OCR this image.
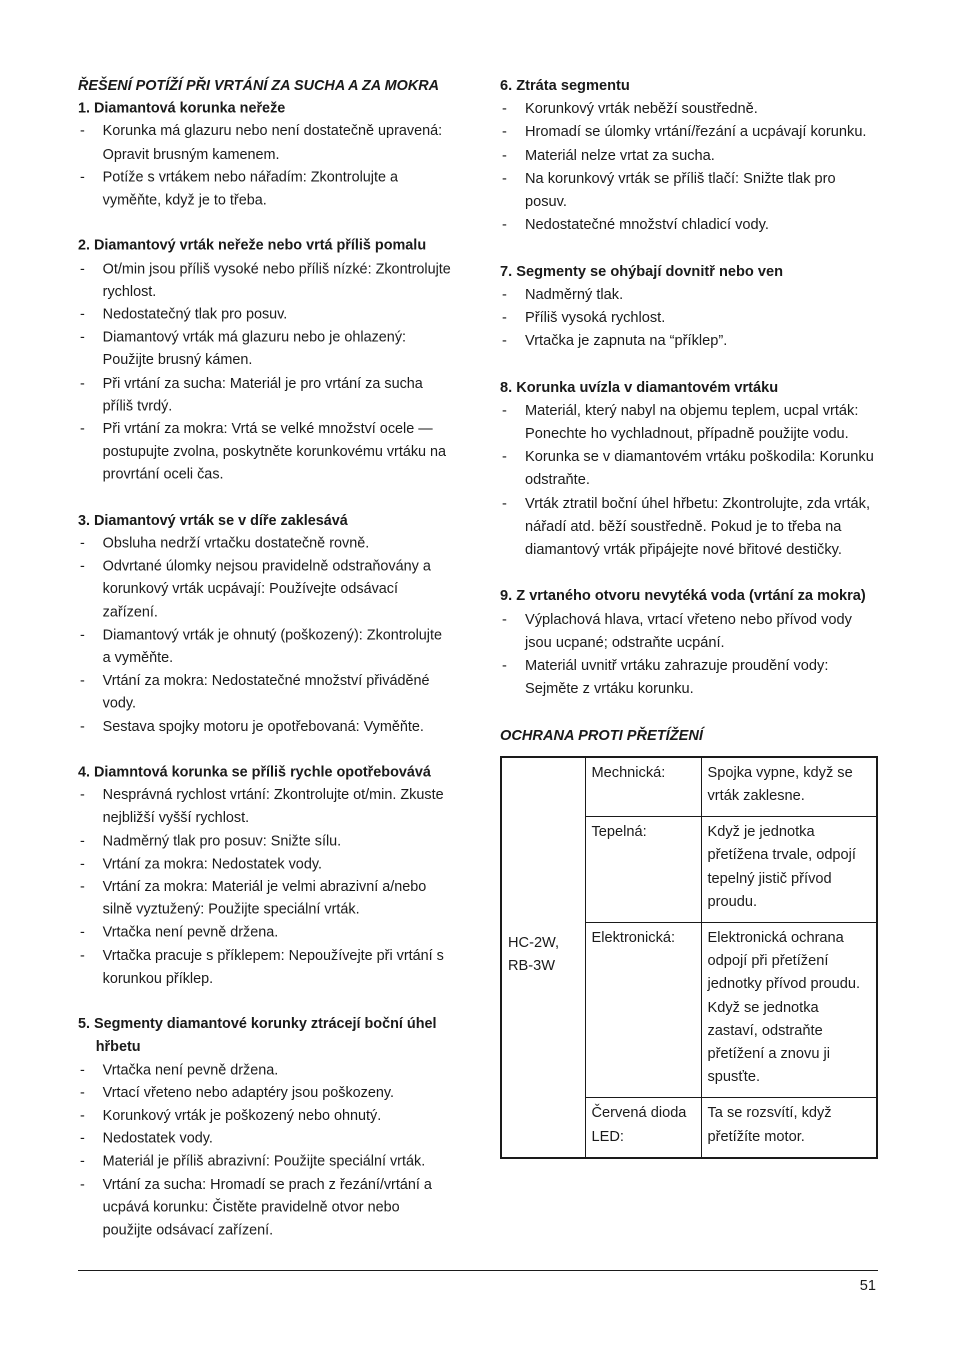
ŘEŠENÍ POTÍŽÍ PŘI VRTÁNÍ ZA SUCHA A ZA MOKRA
1. Diamantová korunka neřeže
- Korunka má glazuru nebo není dostatečně upravená: Opravit brusným kamenem.
- Potíže s vrtákem nebo nářadím: Zkontrolujte a vyměňte, když je to třeba.
2. Diamantový vrták neřeže nebo vrtá příliš pomalu
- Ot/min jsou příliš vysoké nebo příliš nízké: Zkontrolujte rychlost.
- Nedostatečný tlak pro posuv.
- Diamantový vrták má glazuru nebo je ohlazený: Použijte brusný kámen.
- Při vrtání za sucha: Materiál je pro vrtání za sucha příliš tvrdý.
- Při vrtání za mokra: Vrtá se velké množství ocele — postupujte zvolna, poskytněte korunkovému vrtáku na provrtání oceli čas.
3. Diamantový vrták se v díře zaklesává
- Obsluha nedrží vrtačku dostatečně rovně.
- Odvrtané úlomky nejsou pravidelně odstraňovány a korunkový vrták ucpávají: Používejte odsávací zařízení.
- Diamantový vrták je ohnutý (poškozený): Zkontrolujte a vyměňte.
- Vrtání za mokra: Nedostatečné množství přiváděné vody.
- Sestava spojky motoru je opotřebovaná: Vyměňte.
4. Diamntová korunka se příliš rychle opotřebovává
- Nesprávná rychlost vrtání: Zkontrolujte ot/min. Zkuste nejbližší vyšší rychlost.
- Nadměrný tlak pro posuv: Snižte sílu.
- Vrtání za mokra: Nedostatek vody.
- Vrtání za mokra: Materiál je velmi abrazivní a/nebo silně vyztužený: Použijte speciální vrták.
- Vrtačka není pevně držena.
- Vrtačka pracuje s příklepem: Nepoužívejte při vrtání s korunkou příklep.
5. Segmenty diamantové korunky ztrácejí boční úhel hřbetu
- Vrtačka není pevně držena.
- Vrtací vřeteno nebo adaptéry jsou poškozeny.
- Korunkový vrták je poškozený nebo ohnutý.
- Nedostatek vody.
- Materiál je příliš abrazivní: Použijte speciální vrták.
- Vrtání za sucha: Hromadí se prach z řezání/vrtání a ucpává korunku: Čistěte pravidelně otvor nebo použijte odsávací zařízení.
6. Ztráta segmentu
- Korunkový vrták neběží soustředně.
- Hromadí se úlomky vrtání/řezání a ucpávají korunku.
- Materiál nelze vrtat za sucha.
- Na korunkový vrták se příliš tlačí: Snižte tlak pro posuv.
- Nedostatečné množství chladicí vody.
7. Segmenty se ohýbají dovnitř nebo ven
- Nadměrný tlak.
- Příliš vysoká rychlost.
- Vrtačka je zapnuta na “příklep”.
8. Korunka uvízla v diamantovém vrtáku
- Materiál, který nabyl na objemu teplem, ucpal vrták: Ponechte ho vychladnout, případně použijte vodu.
- Korunka se v diamantovém vrtáku poškodila: Korunku odstraňte.
- Vrták ztratil boční úhel hřbetu: Zkontrolujte, zda vrták, nářadí atd. běží soustředně. Pokud je to třeba na diamantový vrták připájejte nové břitové destičky.
9. Z vrtaného otvoru nevytéká voda (vrtání za mokra)
- Výplachová hlava, vrtací vřeteno nebo přívod vody jsou ucpané; odstraňte ucpání.
- Materiál uvnitř vrtáku zahrazuje proudění vody: Sejměte z vrtáku korunku.
OCHRANA PROTI PŘETÍŽENÍ
HC-2W, RB-3W	Mechnická:	Spojka vypne, když se vrták zaklesne.
	Tepelná:	Když je jednotka přetížena trvale, odpojí tepelný jistič přívod proudu.
	Elektronická:	Elektronická ochrana odpojí při přetížení jednotky přívod proudu. Když se jednotka zastaví, odstraňte přetížení a znovu ji spusťte.
	Červená dioda LED:	Ta se rozsvítí, když přetížíte motor.
51
